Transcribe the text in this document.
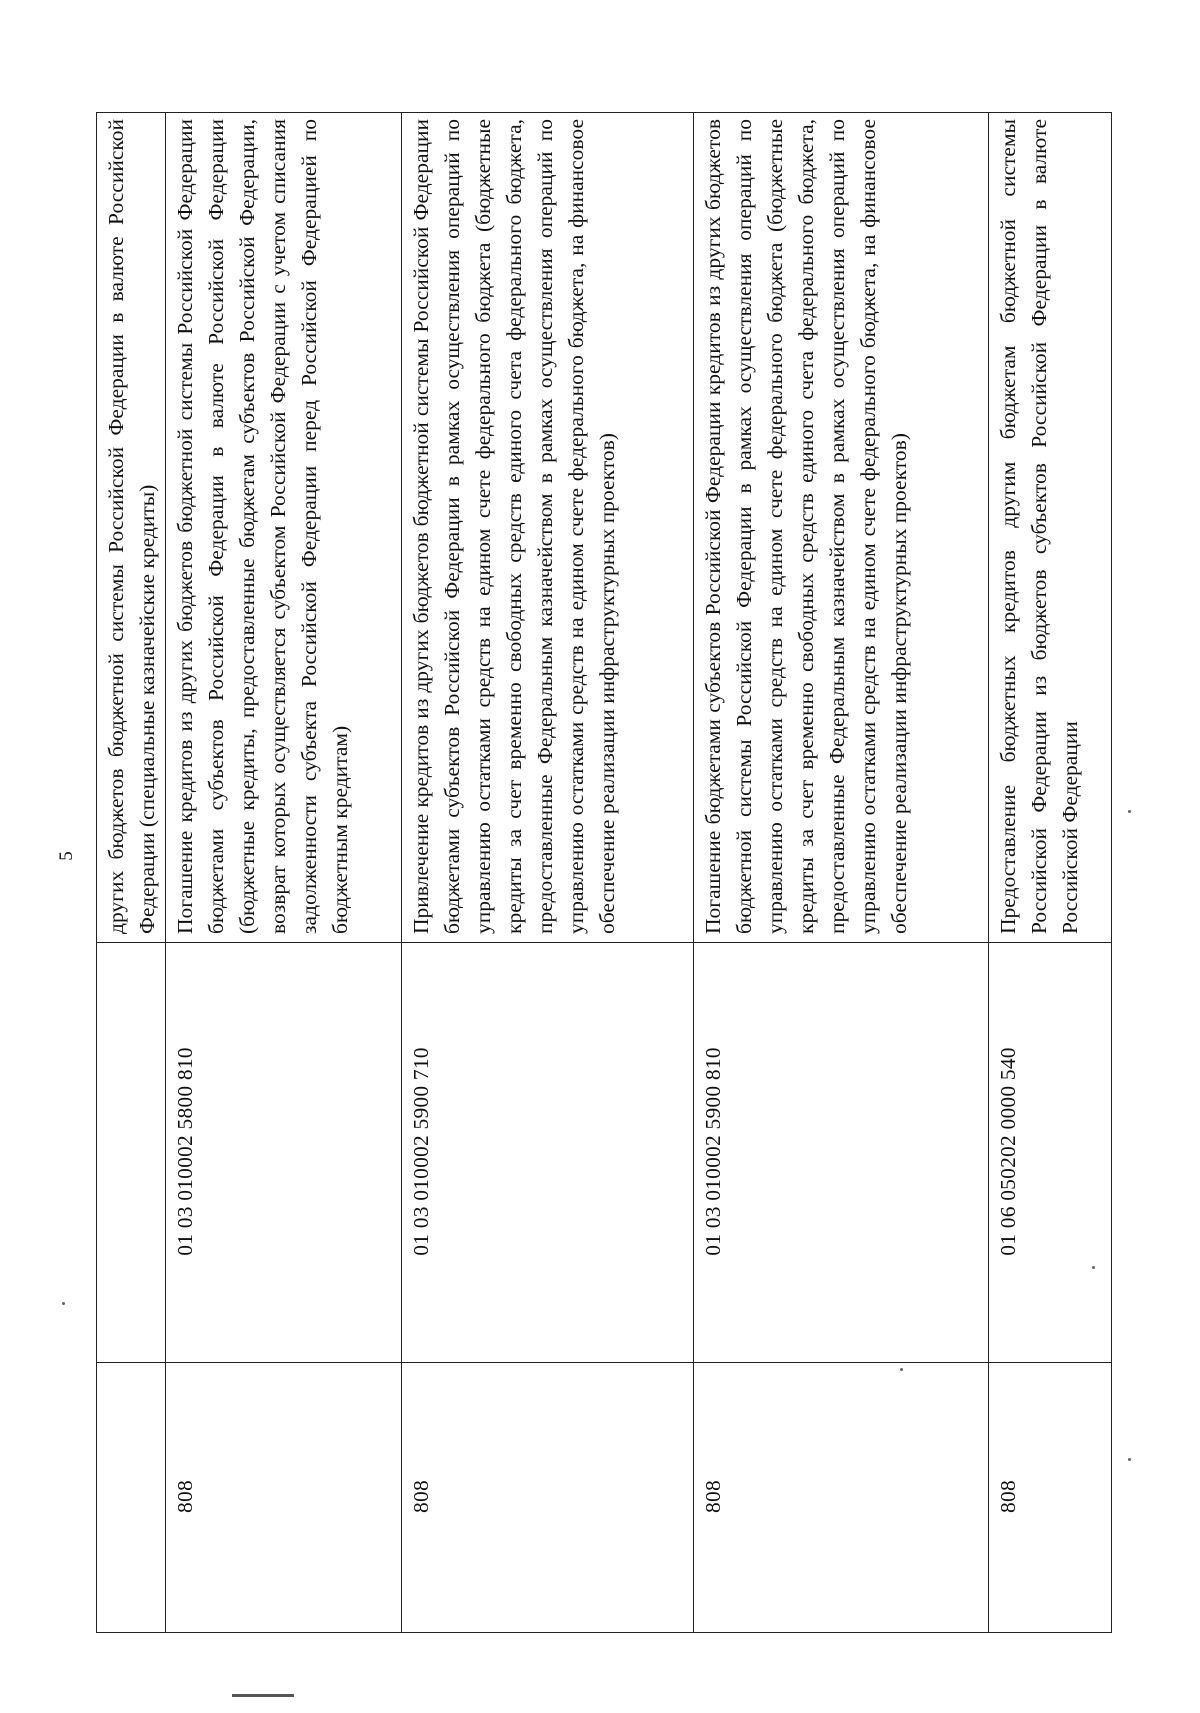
5
		других бюджетов бюджетной системы Российской Федерации в валюте Российской Федерации (специальные казначейские кредиты)
808	01 03 010002 5800 810	Погашение кредитов из других бюджетов бюджетной системы Российской Федерации бюджетами субъектов Российской Федерации в валюте Российской Федерации (бюджетные кредиты, предоставленные бюджетам субъектов Российской Федерации, возврат которых осуществляется субъектом Российской Федерации с учетом списания задолженности субъекта Российской Федерации перед Российской Федерацией по бюджетным кредитам)
808	01 03 010002 5900 710	Привлечение кредитов из других бюджетов бюджетной системы Российской Федерации бюджетами субъектов Российской Федерации в рамках осуществления операций по управлению остатками средств на едином счете федерального бюджета (бюджетные кредиты за счет временно свободных средств единого счета федерального бюджета, предоставленные Федеральным казначейством в рамках осуществления операций по управлению остатками средств на едином счете федерального бюджета, на финансовое обеспечение реализации инфраструктурных проектов)
808	01 03 010002 5900 810	Погашение бюджетами субъектов Российской Федерации кредитов из других бюджетов бюджетной системы Российской Федерации в рамках осуществления операций по управлению остатками средств на едином счете федерального бюджета (бюджетные кредиты за счет временно свободных средств единого счета федерального бюджета, предоставленные Федеральным казначейством в рамках осуществления операций по управлению остатками средств на едином счете федерального бюджета, на финансовое обеспечение реализации инфраструктурных проектов)
808	01 06 050202 0000 540	Предоставление бюджетных кредитов другим бюджетам бюджетной системы Российской Федерации из бюджетов субъектов Российской Федерации в валюте Российской Федерации
